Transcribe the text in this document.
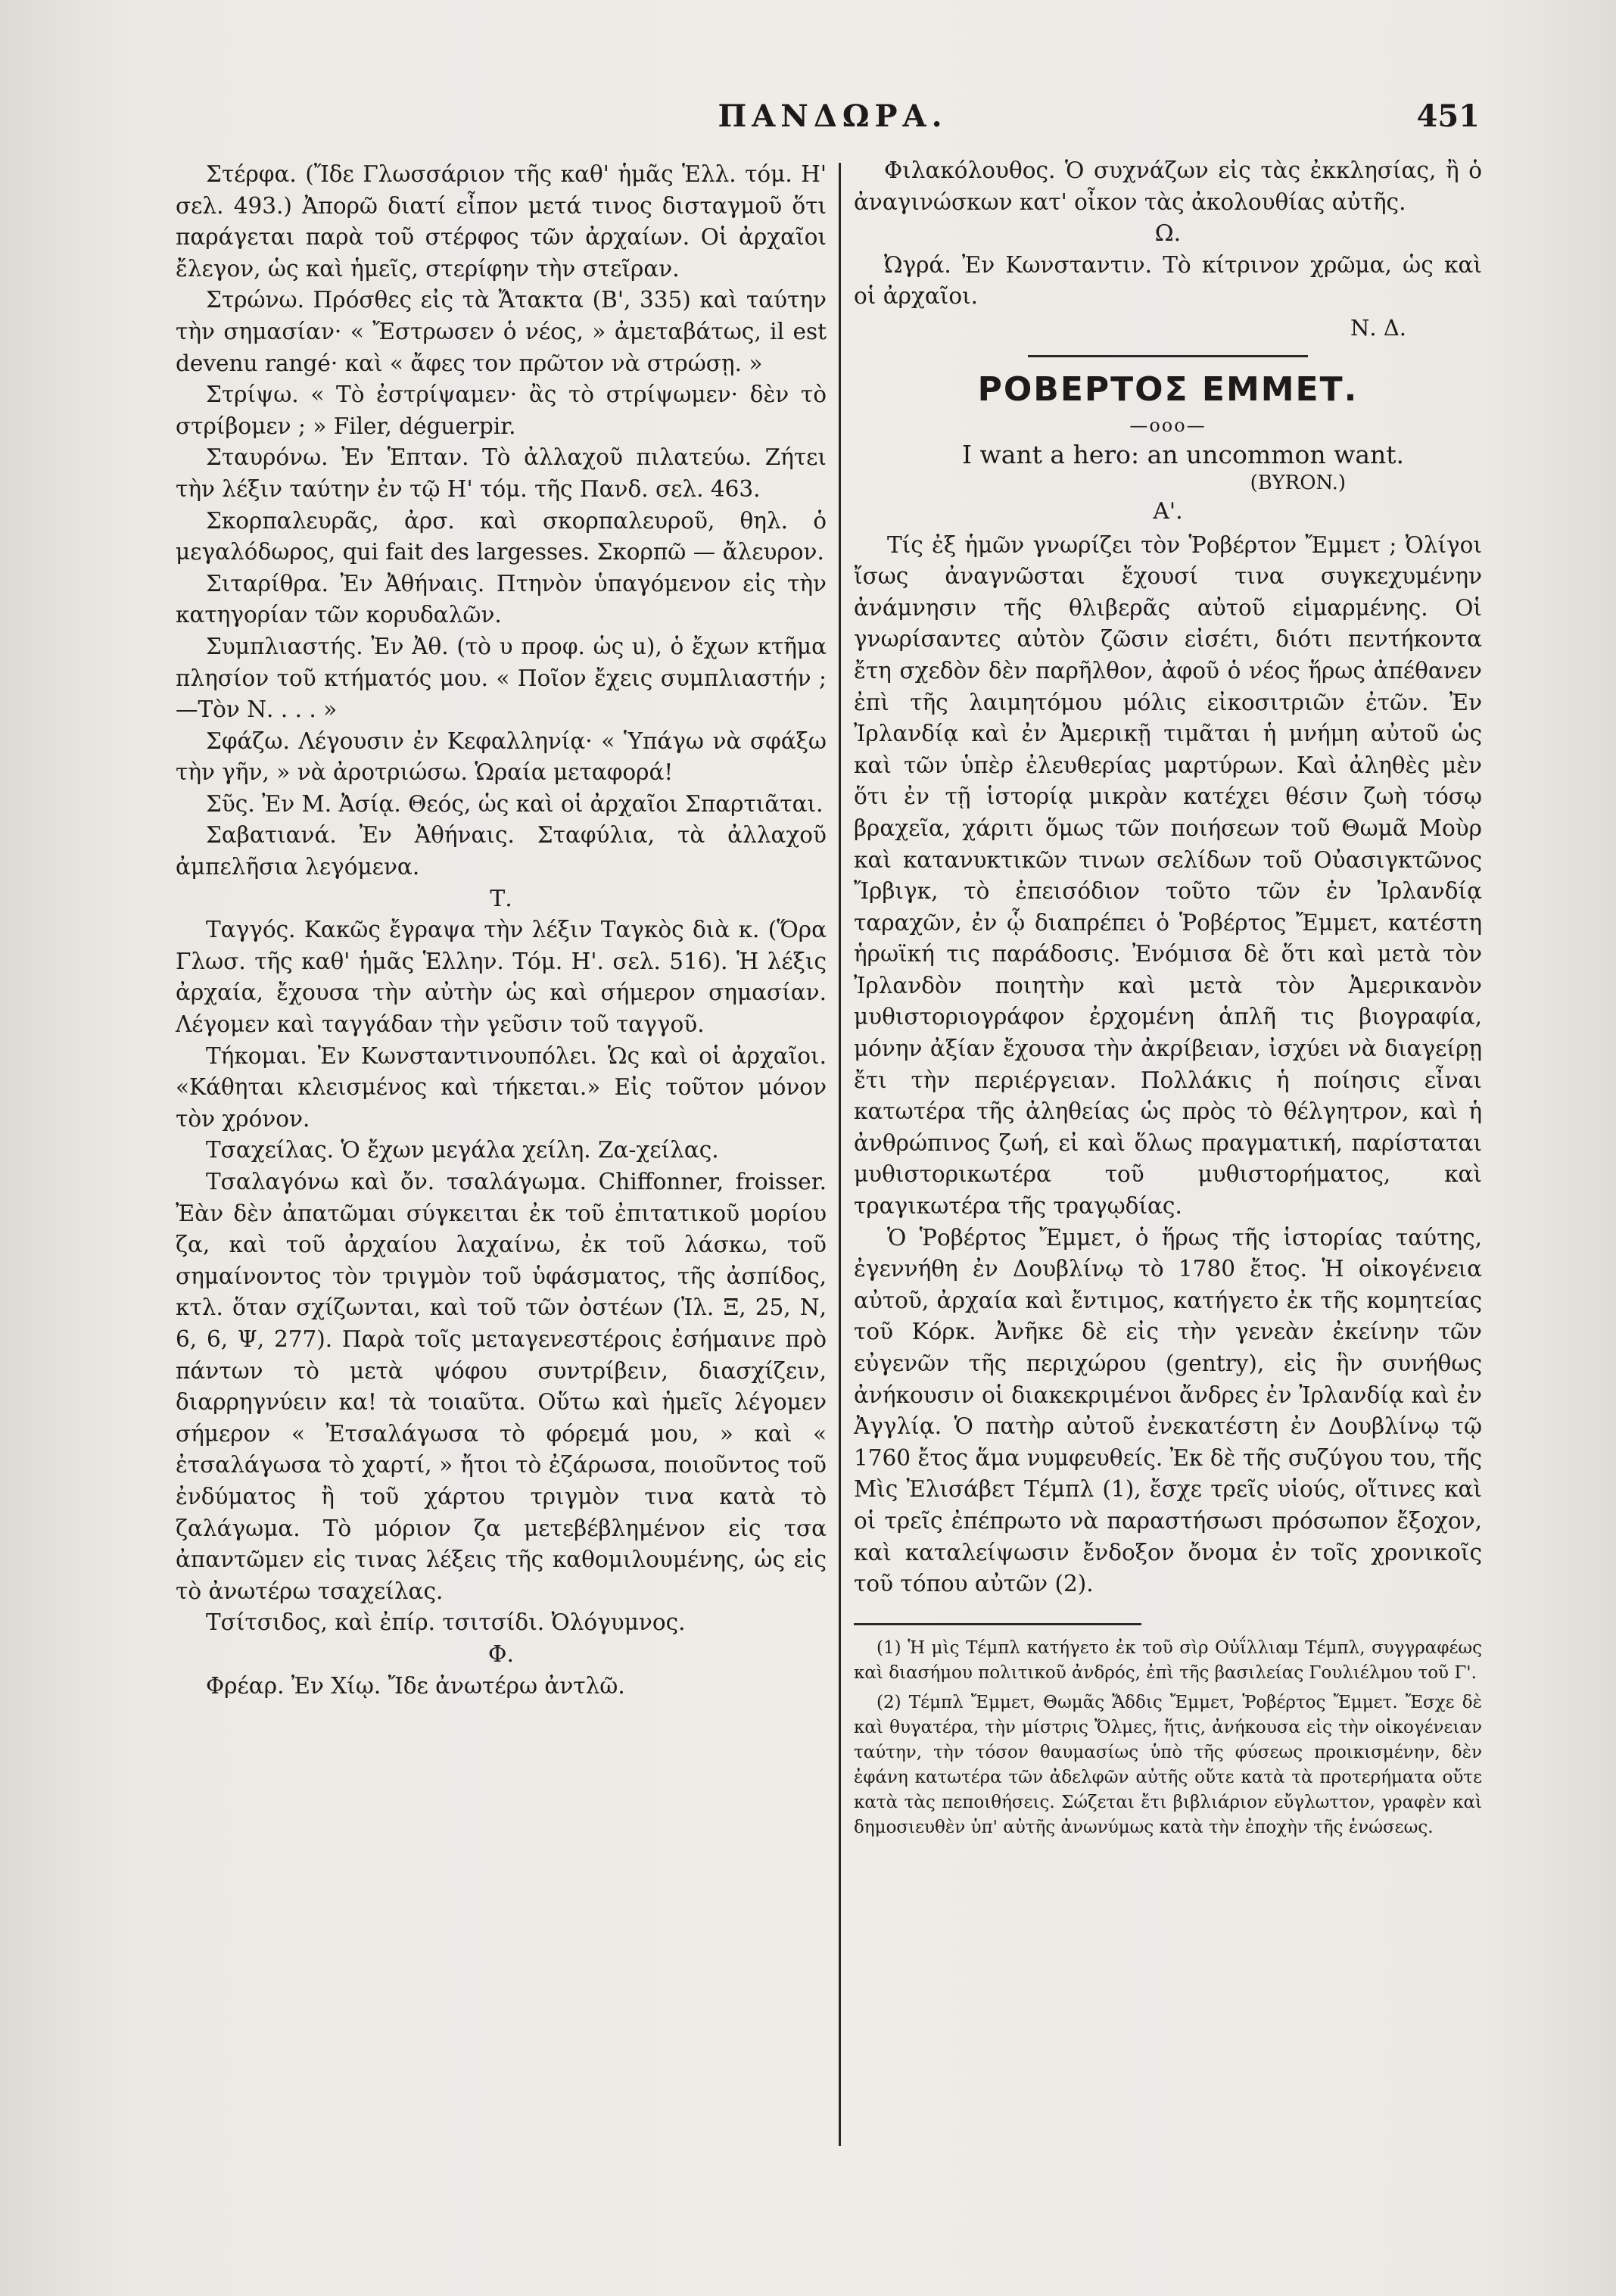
ΠΑΝΔΩΡΑ.	451

Στέρφα. (Ἴδε Γλωσσάριον τῆς καθ' ἡμᾶς Ἑλλ. τόμ. Η' σελ. 493.) Ἀπορῶ διατί εἶπον μετά τινος δισταγμοῦ ὅτι παράγεται παρὰ τοῦ στέρφος τῶν ἀρχαίων. Οἱ ἀρχαῖοι ἔλεγον, ὡς καὶ ἡμεῖς, στερίφην τὴν στεῖραν.

Στρώνω. Πρόσθες εἰς τὰ Ἄτακτα (Β', 335) καὶ ταύτην τὴν σημασίαν· « Ἔστρωσεν ὁ νέος, » ἀμεταβάτως, il est devenu rangé· καὶ « ἄφες τον πρῶτον νὰ στρώσῃ. »

Στρίψω. « Τὸ ἐστρίψαμεν· ἂς τὸ στρίψωμεν· δὲν τὸ στρίβομεν ; » Filer, déguerpir.

Σταυρόνω. Ἐν Ἑπταν. Τὸ ἀλλαχοῦ πιλατεύω. Ζήτει τὴν λέξιν ταύτην ἐν τῷ Η' τόμ. τῆς Πανδ. σελ. 463.

Σκορπαλευρᾶς, ἀρσ. καὶ σκορπαλευροῦ, θηλ. ὁ μεγαλόδωρος, qui fait des largesses. Σκορπῶ — ἄλευρον.

Σιταρίθρα. Ἐν Ἀθήναις. Πτηνὸν ὑπαγόμενον εἰς τὴν κατηγορίαν τῶν κορυδαλῶν.

Συμπλιαστής. Ἐν Ἀθ. (τὸ υ προφ. ὡς u), ὁ ἔχων κτῆμα πλησίον τοῦ κτήματός μου. « Ποῖον ἔχεις συμπλιαστήν ;—Τὸν Ν. . . . »

Σφάζω. Λέγουσιν ἐν Κεφαλληνίᾳ· « Ὑπάγω νὰ σφάξω τὴν γῆν, » νὰ ἀροτριώσω. Ὡραία μεταφορά!

Σῦς. Ἐν Μ. Ἀσίᾳ. Θεός, ὡς καὶ οἱ ἀρχαῖοι Σπαρτιᾶται.

Σαβατιανά. Ἐν Ἀθήναις. Σταφύλια, τὰ ἀλλαχοῦ ἀμπελῆσια λεγόμενα.

Τ.

Ταγγός. Κακῶς ἔγραψα τὴν λέξιν Ταγκὸς διὰ κ. (Ὅρα Γλωσ. τῆς καθ' ἡμᾶς Ἑλλην. Τόμ. Η'. σελ. 516). Ἡ λέξις ἀρχαία, ἔχουσα τὴν αὐτὴν ὡς καὶ σήμερον σημασίαν. Λέγομεν καὶ ταγγάδαν τὴν γεῦσιν τοῦ ταγγοῦ.

Τήκομαι. Ἐν Κωνσταντινουπόλει. Ὡς καὶ οἱ ἀρχαῖοι. «Κάθηται κλεισμένος καὶ τήκεται.» Εἰς τοῦτον μόνον τὸν χρόνον.

Τσαχείλας. Ὁ ἔχων μεγάλα χείλη. Ζα-χείλας.

Τσαλαγόνω καὶ ὄν. τσαλάγωμα. Chiffonner, froisser. Ἐὰν δὲν ἀπατῶμαι σύγκειται ἐκ τοῦ ἐπιτατικοῦ μορίου ζα, καὶ τοῦ ἀρχαίου λαχαίνω, ἐκ τοῦ λάσκω, τοῦ σημαίνοντος τὸν τριγμὸν τοῦ ὑφάσματος, τῆς ἀσπίδος, κτλ. ὅταν σχίζωνται, καὶ τοῦ τῶν ὀστέων (Ἰλ. Ξ, 25, Ν, 6, 6, Ψ, 277). Παρὰ τοῖς μεταγενεστέροις ἐσήμαινε πρὸ πάντων τὸ μετὰ ψόφου συντρίβειν, διασχίζειν, διαρρηγνύειν κα! τὰ τοιαῦτα. Οὕτω καὶ ἡμεῖς λέγομεν σήμερον « Ἐτσαλάγωσα τὸ φόρεμά μου, » καὶ « ἐτσαλάγωσα τὸ χαρτί, » ἤτοι τὸ ἐζάρωσα, ποιοῦντος τοῦ ἐνδύματος ἢ τοῦ χάρτου τριγμὸν τινα κατὰ τὸ ζαλάγωμα. Τὸ μόριον ζα μετεβέβλημένον εἰς τσα ἀπαντῶμεν εἰς τινας λέξεις τῆς καθομιλουμένης, ὡς εἰς τὸ ἀνωτέρω τσαχείλας.

Τσίτσιδος, καὶ ἐπίρ. τσιτσίδι. Ὀλόγυμνος.

Φ.

Φρέαρ. Ἐν Χίῳ. Ἴδε ἀνωτέρω ἀντλῶ.

Φιλακόλουθος. Ὁ συχνάζων εἰς τὰς ἐκκλησίας, ἢ ὁ ἀναγινώσκων κατ' οἶκον τὰς ἀκολουθίας αὐτῆς.

Ω.

Ὠγρά. Ἐν Κωνσταντιν. Τὸ κίτρινον χρῶμα, ὡς καὶ οἱ ἀρχαῖοι.

Ν. Δ.

ΡΟΒΕΡΤΟΣ ΕΜΜΕΤ.

—ooo—

I want a hero: an uncommon want.

(BYRON.)

Α'.

Τίς ἐξ ἡμῶν γνωρίζει τὸν Ῥοβέρτον Ἔμμετ ; Ὀλίγοι ἴσως ἀναγνῶσται ἔχουσί τινα συγκεχυμένην ἀνάμνησιν τῆς θλιβερᾶς αὐτοῦ εἱμαρμένης. Οἱ γνωρίσαντες αὐτὸν ζῶσιν εἰσέτι, διότι πεντήκοντα ἔτη σχεδὸν δὲν παρῆλθον, ἀφοῦ ὁ νέος ἥρως ἀπέθανεν ἐπὶ τῆς λαιμητόμου μόλις εἰκοσιτριῶν ἐτῶν. Ἐν Ἰρλανδίᾳ καὶ ἐν Ἀμερικῇ τιμᾶται ἡ μνήμη αὐτοῦ ὡς καὶ τῶν ὑπὲρ ἐλευθερίας μαρτύρων. Καὶ ἀληθὲς μὲν ὅτι ἐν τῇ ἱστορίᾳ μικρὰν κατέχει θέσιν ζωὴ τόσῳ βραχεῖα, χάριτι ὅμως τῶν ποιήσεων τοῦ Θωμᾶ Μοὺρ καὶ κατανυκτικῶν τινων σελίδων τοῦ Οὐασιγκτῶνος Ἴρβιγκ, τὸ ἐπεισόδιον τοῦτο τῶν ἐν Ἰρλανδίᾳ ταραχῶν, ἐν ᾧ διαπρέπει ὁ Ῥοβέρτος Ἔμμετ, κατέστη ἡρωϊκή τις παράδοσις. Ἐνόμισα δὲ ὅτι καὶ μετὰ τὸν Ἰρλανδὸν ποιητὴν καὶ μετὰ τὸν Ἀμερικανὸν μυθιστοριογράφον ἐρχομένη ἁπλῆ τις βιογραφία, μόνην ἀξίαν ἔχουσα τὴν ἀκρίβειαν, ἰσχύει νὰ διαγείρῃ ἔτι τὴν περιέργειαν. Πολλάκις ἡ ποίησις εἶναι κατωτέρα τῆς ἀληθείας ὡς πρὸς τὸ θέλγητρον, καὶ ἡ ἀνθρώπινος ζωή, εἰ καὶ ὅλως πραγματική, παρίσταται μυθιστορικωτέρα τοῦ μυθιστορήματος, καὶ τραγικωτέρα τῆς τραγῳδίας.

Ὁ Ῥοβέρτος Ἔμμετ, ὁ ἥρως τῆς ἱστορίας ταύτης, ἐγεννήθη ἐν Δουβλίνῳ τὸ 1780 ἔτος. Ἡ οἰκογένεια αὐτοῦ, ἀρχαία καὶ ἔντιμος, κατήγετο ἐκ τῆς κομητείας τοῦ Κόρκ. Ἀνῆκε δὲ εἰς τὴν γενεὰν ἐκείνην τῶν εὐγενῶν τῆς περιχώρου (gentry), εἰς ἣν συνήθως ἀνήκουσιν οἱ διακεκριμένοι ἄνδρες ἐν Ἰρλανδίᾳ καὶ ἐν Ἀγγλίᾳ. Ὁ πατὴρ αὐτοῦ ἐνεκατέστη ἐν Δουβλίνῳ τῷ 1760 ἔτος ἅμα νυμφευθείς. Ἐκ δὲ τῆς συζύγου του, τῆς Μὶς Ἐλισάβετ Τέμπλ (1), ἔσχε τρεῖς υἱούς, οἵτινες καὶ οἱ τρεῖς ἐπέπρωτο νὰ παραστήσωσι πρόσωπον ἔξοχον, καὶ καταλείψωσιν ἔνδοξον ὄνομα ἐν τοῖς χρονικοῖς τοῦ τόπου αὐτῶν (2).

(1) Ἡ μὶς Τέμπλ κατήγετο ἐκ τοῦ σὶρ Οὐΐλλιαμ Τέμπλ, συγγραφέως καὶ διασήμου πολιτικοῦ ἀνδρός, ἐπὶ τῆς βασιλείας Γουλιέλμου τοῦ Γ'.

(2) Τέμπλ Ἔμμετ, Θωμᾶς Ἄδδις Ἔμμετ, Ῥοβέρτος Ἔμμετ. Ἔσχε δὲ καὶ θυγατέρα, τὴν μίστρις Ὄλμες, ἥτις, ἀνήκουσα εἰς τὴν οἰκογένειαν ταύτην, τὴν τόσον θαυμασίως ὑπὸ τῆς φύσεως προικισμένην, δὲν ἐφάνη κατωτέρα τῶν ἀδελφῶν αὐτῆς οὔτε κατὰ τὰ προτερήματα οὔτε κατὰ τὰς πεποιθήσεις. Σώζεται ἔτι βιβλιάριον εὔγλωττον, γραφὲν καὶ δημοσιευθὲν ὑπ' αὐτῆς ἀνωνύμως κατὰ τὴν ἐποχὴν τῆς ἑνώσεως.
